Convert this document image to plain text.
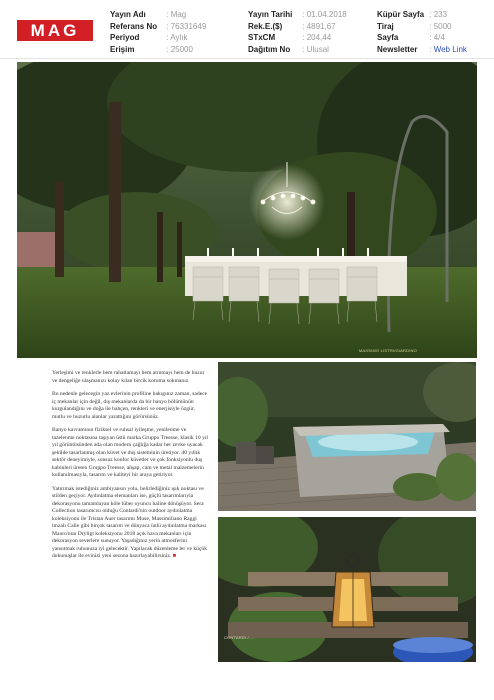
MAG
Yayın Adı	: Mag
Referans No : 76331649
Periyod	: Aylık
Erişim	: 25000
Yayın Tarihi : 01.04.2018
Rek.E.($)	: 4891,67
STxCM	: 204,44
Dağıtım No : Ulusal
Küpür Sayfa : 233
Tiraj	: 5000
Sayfa	: 4/4
Newsletter : Web Link
MASSIMO LISTRI/GIARDINO

Yerleşimi ve renklerle hem rahatlamayı hem arınmayı hem de huzur ve dengeliğe ulaşmanızı kolay kılan bircik koruma sokmanız.

Bu nedenle gelecegin yaz evlerinin profiline bakıgınız zaman, sadece iç mekanlar için değil, dış mekanlarda da bir banyo bölümünün kurgulandığını ve doğa ile bahçen, renkleri ve enerjisiyle özgür, mutlu ve huzurlu alanlar yarattığını görürsünüz.

Banyo kavramının fiziksel ve ruhsal iyileşme, yenilenme ve tazelenme noktasına taşıyan üstü marka Gruppo Treesse, klasik 10 yıl yıl görüntüsünden ada olan modern çağlığa kadar her zevke uyacak şekilde tasarlanmış olan küvet ve duş sisteminin üretiyor. 40 yıllık sektör deneyimiyle, sonsuz konfor küvetler ve çok fonksiyonlu duş kabinleri üreten Gruppo Treesse, ahşap, cam ve metal malzemelerin kullanılmasıyla, tasarım ve kaliteyi bir araya getiriyor.

Yatırımak istediğiniz ambiyansın yolu, belirlediğiniz ışık noktası ve stilden geçiyor. Aydınlatma elemanları ise, güçlü tasarımlarıyla dekorasyonu tamamlayan köle lüber oyuncu haline dönüşüyor. Sera Collection tasarımcısı olduğu Contardi'nin outdoor aydınlatma koleksiyonu ile Tristan Auer tasarımı Muse, Massimiliano Raggi imzalı Calle gibi birçok tasarım ve dünyaca ünlü aydınlatma markası Mauro'nun Dryligt koleksiyonu 2018 açık hava mekanları için dekorasyon severlere sunuyor. Yaşadığınız yerin atmosferini yansıtmak ruhunuza iyi gelecektir. Yapılacak düzenleme ler ve küçük dokunuşlar ile evinizi yeni sezona hazırlayabilirsiniz. ■

CONTARDI / ...
